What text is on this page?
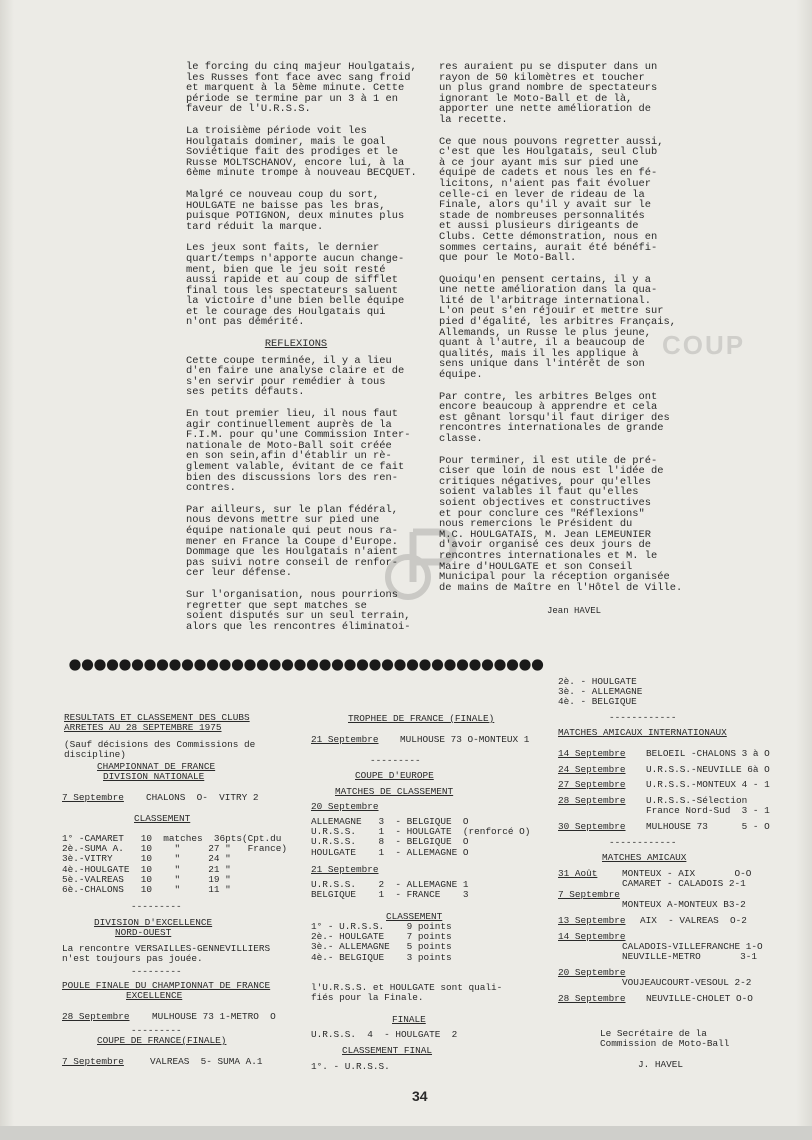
COUP

le forcing du cinq majeur Houlgatais,
les Russes font face avec sang froid
et marquent à la 5ème minute. Cette
période se termine par un 3 à 1 en
faveur de l'U.R.S.S.

La troisième période voit les
Houlgatais dominer, mais le goal
Soviétique fait des prodiges et le
Russe MOLTSCHANOV, encore lui, à la
6ème minute trompe à nouveau BECQUET.

Malgré ce nouveau coup du sort,
HOULGATE ne baisse pas les bras,
puisque POTIGNON, deux minutes plus
tard réduit la marque.

Les jeux sont faits, le dernier
quart/temps n'apporte aucun change-
ment, bien que le jeu soit resté
aussi rapide et au coup de sifflet
final tous les spectateurs saluent
la victoire d'une bien belle équipe
et le courage des Houlgatais qui
n'ont pas démérité.

REFLEXIONS

Cette coupe terminée, il y a lieu
d'en faire une analyse claire et de
s'en servir pour remédier à tous
ses petits défauts.

En tout premier lieu, il nous faut
agir continuellement auprès de la
F.I.M. pour qu'une Commission Inter-
nationale de Moto-Ball soit créée
en son sein,afin d'établir un rè-
glement valable, évitant de ce fait
bien des discussions lors des ren-
contres.

Par ailleurs, sur le plan fédéral,
nous devons mettre sur pied une
équipe nationale qui peut nous ra-
mener en France la Coupe d'Europe.
Dommage que les Houlgatais n'aient
pas suivi notre conseil de renfor-
cer leur défense.

Sur l'organisation, nous pourrions
regretter que sept matches se
soient disputés sur un seul terrain,
alors que les rencontres éliminatoi-

res auraient pu se disputer dans un
rayon de 50 kilomètres et toucher
un plus grand nombre de spectateurs
ignorant le Moto-Ball et de là,
apporter une nette amélioration de
la recette.

Ce que nous pouvons regretter aussi,
c'est que les Houlgatais, seul Club
à ce jour ayant mis sur pied une
équipe de cadets et nous les en fé-
licitons, n'aient pas fait évoluer
celle-ci en lever de rideau de la
Finale, alors qu'il y avait sur le
stade de nombreuses personnalités
et aussi plusieurs dirigeants de
Clubs. Cette démonstration, nous en
sommes certains, aurait été bénéfi-
que pour le Moto-Ball.

Quoiqu'en pensent certains, il y a
une nette amélioration dans la qua-
lité de l'arbitrage international.
L'on peut s'en réjouir et mettre sur
pied d'égalité, les arbitres Français,
Allemands, un Russe le plus jeune,
quant à l'autre, il a beaucoup de
qualités, mais il les applique à
sens unique dans l'intérêt de son
équipe.

Par contre, les arbitres Belges ont
encore beaucoup à apprendre et cela
est gênant lorsqu'il faut diriger des
rencontres internationales de grande
classe.

Pour terminer, il est utile de pré-
ciser que loin de nous est l'idée de
critiques négatives, pour qu'elles
soient valables il faut qu'elles
soient objectives et constructives
et pour conclure ces "Réflexions"
nous remercions le Président du
M.C. HOULGATAIS, M. Jean LEMEUNIER
d'avoir organisé ces deux jours de
rencontres internationales et M. le
Maire d'HOULGATE et son Conseil
Municipal pour la réception organisée
de mains de Maître en l'Hôtel de

Jean HAVEL
RESULTATS ET CLASSEMENT DES CLUBS
ARRETES AU 28 SEPTEMBRE 1975
(Sauf décisions des Commissions de
discipline)
CHAMPIONNAT DE FRANCE
DIVISION NATIONALE
7 Septembre CHALONS  O-  VITRY 2
CLASSEMENT
1° -CAMARET   10  matches  36pts(Cpt.du
2è.-SUMA A.   10    "     27 "   France)
3è.-VITRY     10    "     24 "
4è.-HOULGATE  10    "     21 "
5è.-VALREAS   10    "     19 "
6è.-CHALONS   10    "     11 "
---------
DIVISION D'EXCELLENCE
NORD-OUEST
La rencontre VERSAILLES-GENNEVILLIERS
n'est toujours pas jouée.
---------
POULE FINALE DU CHAMPIONNAT DE FRANCE
EXCELLENCE
28 Septembre MULHOUSE 73 1-METRO  O
---------
COUPE DE FRANCE(FINALE)
7 Septembre	VALREAS  5- SUMA A.1
TROPHEE DE FRANCE (FINALE)
21 Septembre MULHOUSE 73 O-MONTEUX 1
---------
COUPE D'EUROPE
MATCHES DE CLASSEMENT
20 Septembre
ALLEMAGNE   3  - BELGIQUE  O
U.R.S.S.    1  - HOULGATE  (renforcé O)
U.R.S.S.    8  - BELGIQUE  O
HOULGATE    1  - ALLEMAGNE O
21 Septembre
U.R.S.S.    2  - ALLEMAGNE 1
BELGIQUE    1  - FRANCE    3
CLASSEMENT
1° - U.R.S.S.    9 points
2è.- HOULGATE    7 points
3è.- ALLEMAGNE   5 points
4è.- BELGIQUE    3 points
l'U.R.S.S. et HOULGATE sont quali-
fiés pour la Finale.
FINALE
U.R.S.S.  4  - HOULGATE  2
CLASSEMENT FINAL
1°. - U.R.S.S.
2è. - HOULGATE
3è. - ALLEMAGNE
4è. - BELGIQUE
------------
MATCHES AMICAUX INTERNATIONAUX
14 Septembre BELOEIL -CHALONS 3 à O
24 Septembre U.R.S.S.-NEUVILLE 6à O
27 Septembre U.R.S.S.-MONTEUX 4 - 1
28 Septembre U.R.S.S.-Sélection
France Nord-Sud  3 - 1
30 Septembre MULHOUSE 73      5 - O
------------
MATCHES AMICAUX
31 Août	MONTEUX - AIX       O-O
CAMARET - CALADOIS 2-1
7 Septembre
MONTEUX A-MONTEUX B3-2
13 Septembre AIX  - VALREAS  O-2
14 Septembre
CALADOIS-VILLEFRANCHE 1-O
NEUVILLE-METRO       3-1
20 Septembre
VOUJEAUCOURT-VESOUL 2-2
28 Septembre NEUVILLE-CHOLET O-O
Le Secrétaire de la
Commission de Moto-Ball
J. HAVEL
34
